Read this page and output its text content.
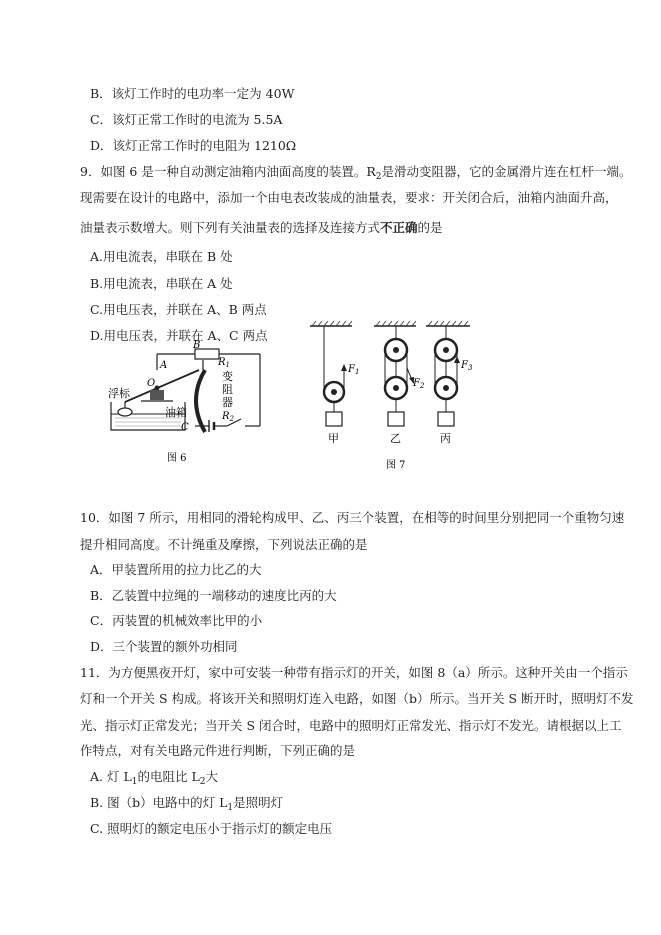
B．该灯工作时的电功率一定为 40W
C．该灯正常工作时的电流为 5.5A
D．该灯正常工作时的电阻为 1210Ω
9．如图 6 是一种自动测定油箱内油面高度的装置。$R_2$是滑动变阻器，它的金属滑片连在杠杆一端。
现需要在设计的电路中，添加一个由电表改装成的油量表，要求：开关闭合后，油箱内油面升高，
油量表示数增大。则下列有关油量表的选择及连接方式不正确的是
A.用电流表，串联在 B 处
B.用电流表，串联在 A 处
C.用电压表，并联在 A、B 两点
D.用电压表，并联在 A、C 两点
浮标
O
A
B
$R_1$
变
阻
器
$R_2$
油箱
C
图 6
$F_1$
甲
$F_2$
乙
$F_3$
丙
图 7
10．如图 7 所示，用相同的滑轮构成甲、乙、丙三个装置，在相等的时间里分别把同一个重物匀速
提升相同高度。不计绳重及摩擦，下列说法正确的是
A．甲装置所用的拉力比乙的大
B．乙装置中拉绳的一端移动的速度比丙的大
C．丙装置的机械效率比甲的小
D．三个装置的额外功相同
11．为方便黑夜开灯，家中可安装一种带有指示灯的开关，如图 8（a）所示。这种开关由一个指示
灯和一个开关 S 构成。将该开关和照明灯连入电路，如图（b）所示。当开关 S 断开时，照明灯不发
光、指示灯正常发光；当开关 S 闭合时，电路中的照明灯正常发光、指示灯不发光。请根据以上工
作特点，对有关电路元件进行判断，下列正确的是
A. 灯 $L_1$的电阻比 $L_2$大
B. 图（b）电路中的灯 $L_1$是照明灯
C. 照明灯的额定电压小于指示灯的额定电压
